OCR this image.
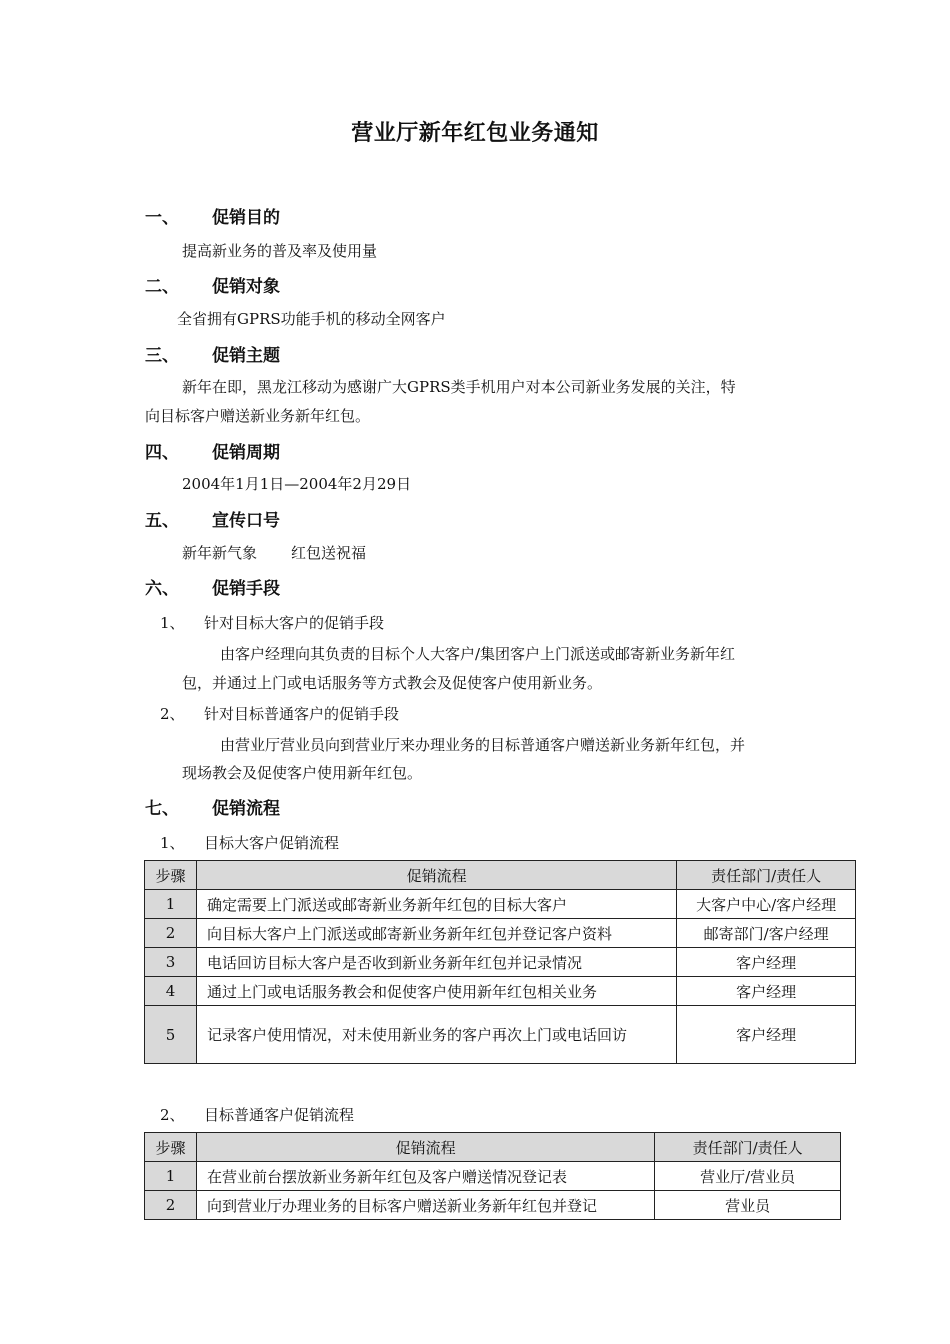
营业厅新年红包业务通知
一、 促销目的
提高新业务的普及率及使用量
二、 促销对象
全省拥有GPRS功能手机的移动全网客户
三、 促销主题
新年在即，黑龙江移动为感谢广大GPRS类手机用户对本公司新业务发展的关注，特
向目标客户赠送新业务新年红包。
四、 促销周期
2004年1月1日—2004年2月29日
五、 宣传口号
新年新气象 红包送祝福
六、 促销手段
1、 针对目标大客户的促销手段
由客户经理向其负责的目标个人大客户/集团客户上门派送或邮寄新业务新年红
包，并通过上门或电话服务等方式教会及促使客户使用新业务。
2、 针对目标普通客户的促销手段
由营业厅营业员向到营业厅来办理业务的目标普通客户赠送新业务新年红包，并
现场教会及促使客户使用新年红包。
七、 促销流程
1、 目标大客户促销流程
步骤	促销流程	责任部门/责任人
1	确定需要上门派送或邮寄新业务新年红包的目标大客户	大客户中心/客户经理
2	向目标大客户上门派送或邮寄新业务新年红包并登记客户资料	邮寄部门/客户经理
3	电话回访目标大客户是否收到新业务新年红包并记录情况	客户经理
4	通过上门或电话服务教会和促使客户使用新年红包相关业务	客户经理
5	记录客户使用情况，对未使用新业务的客户再次上门或电话回访	客户经理
2、 目标普通客户促销流程
步骤	促销流程	责任部门/责任人
1	在营业前台摆放新业务新年红包及客户赠送情况登记表	营业厅/营业员
2	向到营业厅办理业务的目标客户赠送新业务新年红包并登记	营业员
